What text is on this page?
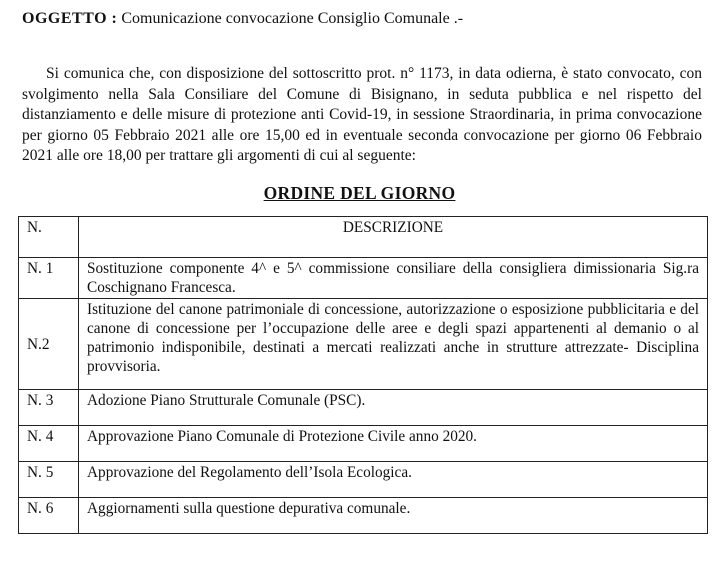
OGGETTO : Comunicazione convocazione Consiglio Comunale .-

Si comunica che, con disposizione del sottoscritto prot. n° 1173, in data odierna, è stato convocato, con svolgimento nella Sala Consiliare del Comune di Bisignano, in seduta pubblica e nel rispetto del distanziamento e delle misure di protezione anti Covid-19, in sessione Straordinaria, in prima convocazione per giorno 05 Febbraio 2021 alle ore 15,00 ed in eventuale seconda convocazione per giorno 06 Febbraio 2021 alle ore 18,00 per trattare gli argomenti di cui al seguente:

ORDINE DEL GIORNO
N.	DESCRIZIONE
N. 1	Sostituzione componente 4^ e 5^ commissione consiliare della consigliera dimissionaria Sig.ra Coschignano Francesca.
N.2	Istituzione del canone patrimoniale di concessione, autorizzazione o esposizione pubblicitaria e del canone di concessione per l’occupazione delle aree e degli spazi appartenenti al demanio o al patrimonio indisponibile, destinati a mercati realizzati anche in strutture attrezzate- Disciplina provvisoria.
N. 3	Adozione Piano Strutturale Comunale (PSC).
N. 4	Approvazione Piano Comunale di Protezione Civile anno 2020.
N. 5	Approvazione del Regolamento dell’Isola Ecologica.
N. 6	Aggiornamenti sulla questione depurativa comunale.
